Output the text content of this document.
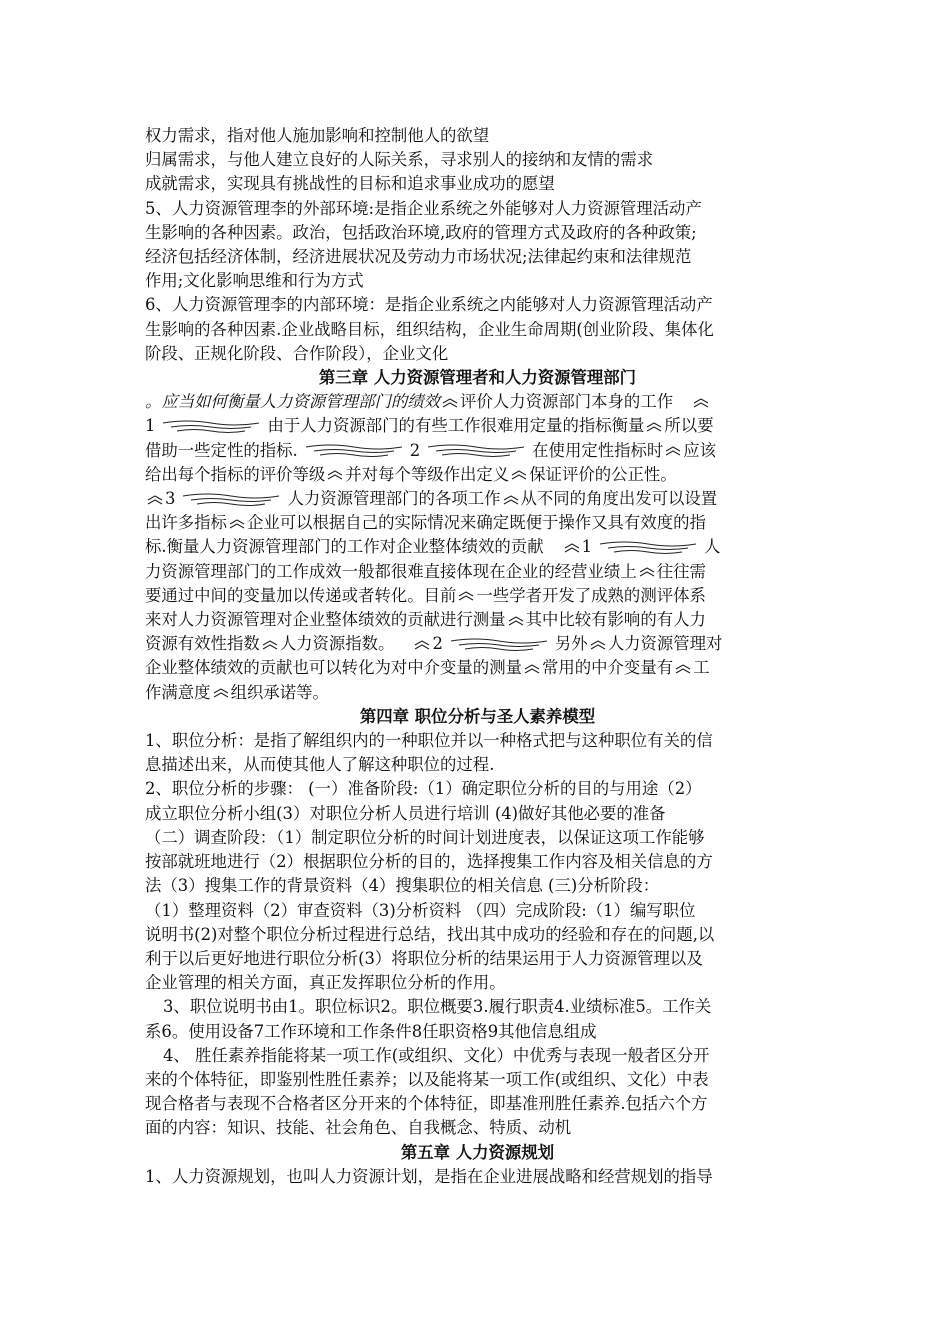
权力需求，指对他人施加影响和控制他人的欲望
归属需求，与他人建立良好的人际关系，寻求别人的接纳和友情的需求
成就需求，实现具有挑战性的目标和追求事业成功的愿望
5、人力资源管理李的外部环境:是指企业系统之外能够对人力资源管理活动产
生影响的各种因素。政治，包括政治环境,政府的管理方式及政府的各种政策;
经济包括经济体制，经济进展状况及劳动力市场状况;法律起约束和法律规范
作用;文化影响思维和行为方式
6、人力资源管理李的内部环境：是指企业系统之内能够对人力资源管理活动产
生影响的各种因素.企业战略目标，组织结构，企业生命周期(创业阶段、集体化
阶段、正规化阶段、合作阶段），企业文化
第三章 人力资源管理者和人力资源管理部门
。应当如何衡量人力资源管理部门的绩效 评价人力资源部门本身的工作
1	由于人力资源部门的有些工作很难用定量的指标衡量 所以要
借助一些定性的指标.	2	在使用定性指标时 应该
给出每个指标的评价等级 并对每个等级作出定义 保证评价的公正性。
3	人力资源管理部门的各项工作 从不同的角度出发可以设置
出许多指标 企业可以根据自己的实际情况来确定既便于操作又具有效度的指
标.衡量人力资源管理部门的工作对企业整体绩效的贡献 1	人
力资源管理部门的工作成效一般都很难直接体现在企业的经营业绩上 往往需
要通过中间的变量加以传递或者转化。目前 一些学者开发了成熟的测评体系
来对人力资源管理对企业整体绩效的贡献进行测量 其中比较有影响的有人力
资源有效性指数 人力资源指数。 2	另外 人力资源管理对
企业整体绩效的贡献也可以转化为对中介变量的测量 常用的中介变量有 工
作满意度 组织承诺等。
第四章 职位分析与圣人素养模型
1、职位分析：是指了解组织内的一种职位并以一种格式把与这种职位有关的信
息描述出来，从而使其他人了解这种职位的过程.
2、职位分析的步骤： (一）准备阶段:（1）确定职位分析的目的与用途（2）
成立职位分析小组(3）对职位分析人员进行培训 (4)做好其他必要的准备
（二）调查阶段：（1）制定职位分析的时间计划进度表，以保证这项工作能够
按部就班地进行（2）根据职位分析的目的，选择搜集工作内容及相关信息的方
法（3）搜集工作的背景资料（4）搜集职位的相关信息 (三)分析阶段：
（1）整理资料（2）审查资料（3)分析资料 （四）完成阶段:（1）编写职位
说明书(2)对整个职位分析过程进行总结，找出其中成功的经验和存在的问题,以
利于以后更好地进行职位分析(3）将职位分析的结果运用于人力资源管理以及
企业管理的相关方面，真正发挥职位分析的作用。
3、职位说明书由1。职位标识2。职位概要3.履行职责4.业绩标准5。工作关
系6。使用设备7工作环境和工作条件8任职资格9其他信息组成
4、 胜任素养指能将某一项工作(或组织、文化）中优秀与表现一般者区分开
来的个体特征，即鉴别性胜任素养；以及能将某一项工作(或组织、文化）中表
现合格者与表现不合格者区分开来的个体特征，即基准刑胜任素养.包括六个方
面的内容：知识、技能、社会角色、自我概念、特质、动机
第五章 人力资源规划
1、人力资源规划，也叫人力资源计划，是指在企业进展战略和经营规划的指导
